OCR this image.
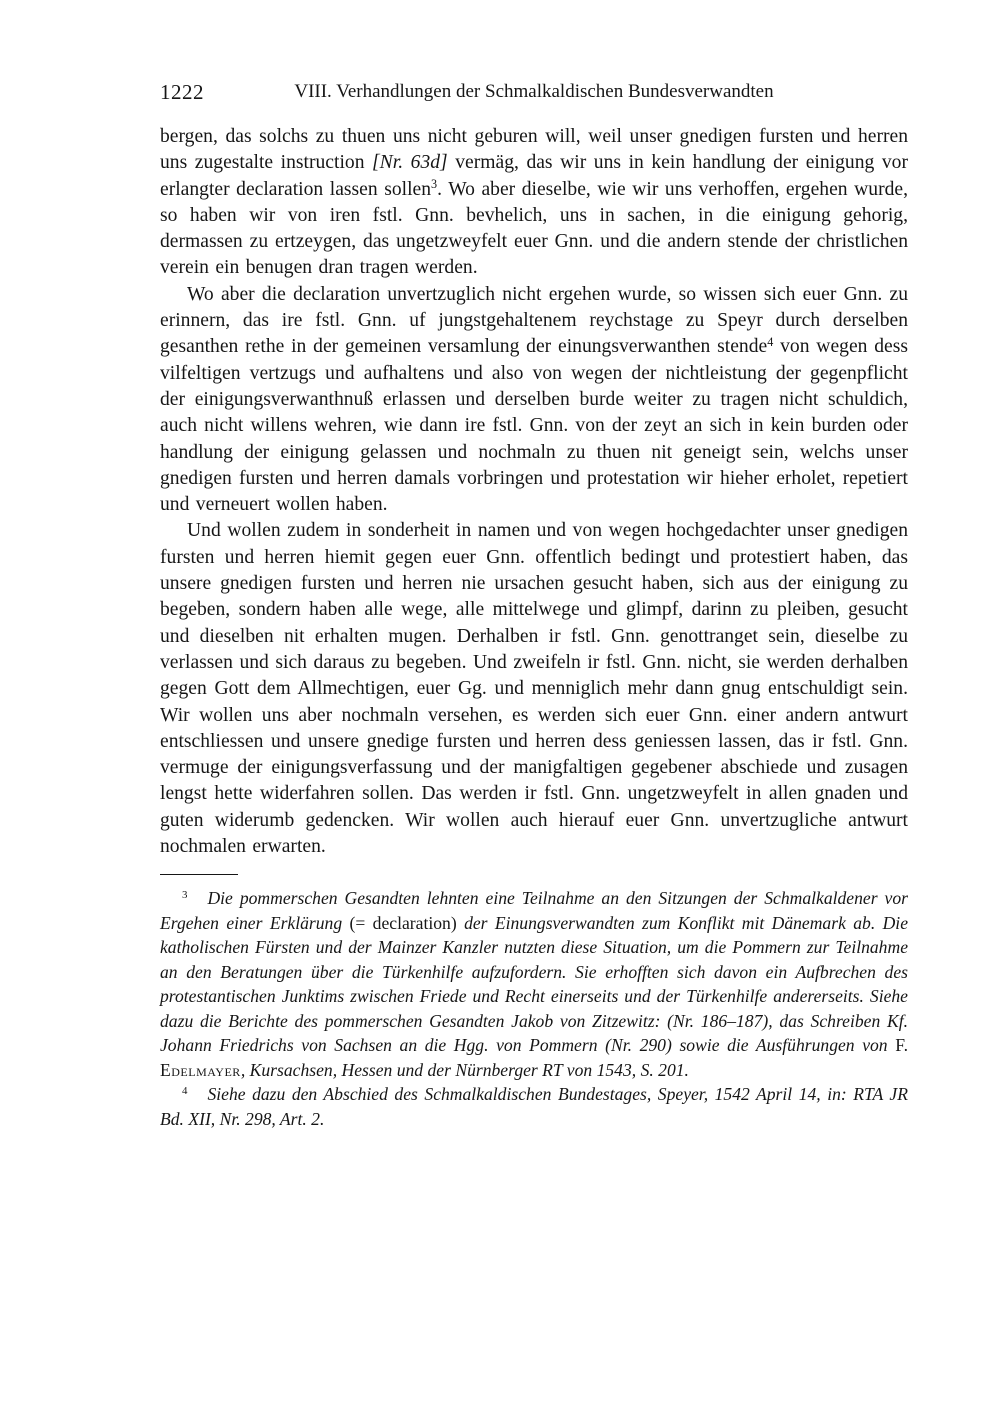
1222	VIII. Verhandlungen der Schmalkaldischen Bundesverwandten

bergen, das solchs zu thuen uns nicht geburen will, weil unser gnedigen fursten und herren uns zugestalte instruction [Nr. 63d] vermäg, das wir uns in kein handlung der einigung vor erlangter declaration lassen sollen$^3$. Wo aber dieselbe, wie wir uns verhoffen, ergehen wurde, so haben wir von iren fstl. Gnn. bevhelich, uns in sachen, in die einigung gehorig, dermassen zu ertzeygen, das ungetzweyfelt euer Gnn. und die andern stende der christlichen verein ein benugen dran tragen werden.

Wo aber die declaration unvertzuglich nicht ergehen wurde, so wissen sich euer Gnn. zu erinnern, das ire fstl. Gnn. uf jungstgehaltenem reychstage zu Speyr durch derselben gesanthen rethe in der gemeinen versamlung der einungsverwanthen stende$^4$ von wegen dess vilfeltigen vertzugs und aufhaltens und also von wegen der nichtleistung der gegenpflicht der einigungsverwanthnuß erlassen und derselben burde weiter zu tragen nicht schuldich, auch nicht willens wehren, wie dann ire fstl. Gnn. von der zeyt an sich in kein burden oder handlung der einigung gelassen und nochmaln zu thuen nit geneigt sein, welchs unser gnedigen fursten und herren damals vorbringen und protestation wir hieher erholet, repetiert und verneuert wollen haben.

Und wollen zudem in sonderheit in namen und von wegen hochgedachter unser gnedigen fursten und herren hiemit gegen euer Gnn. offentlich bedingt und protestiert haben, das unsere gnedigen fursten und herren nie ursachen gesucht haben, sich aus der einigung zu begeben, sondern haben alle wege, alle mittelwege und glimpf, darinn zu pleiben, gesucht und dieselben nit erhalten mugen. Derhalben ir fstl. Gnn. genottranget sein, dieselbe zu verlassen und sich daraus zu begeben. Und zweifeln ir fstl. Gnn. nicht, sie werden derhalben gegen Gott dem Allmechtigen, euer Gg. und menniglich mehr dann gnug entschuldigt sein. Wir wollen uns aber nochmaln versehen, es werden sich euer Gnn. einer andern antwurt entschliessen und unsere gnedige fursten und herren dess geniessen lassen, das ir fstl. Gnn. vermuge der einigungsverfassung und der manigfaltigen gegebener abschiede und zusagen lengst hette widerfahren sollen. Das werden ir fstl. Gnn. ungetzweyfelt in allen gnaden und guten widerumb gedencken. Wir wollen auch hierauf euer Gnn. unvertzugliche antwurt nochmalen erwarten.

$^3$ Die pommerschen Gesandten lehnten eine Teilnahme an den Sitzungen der Schmalkaldener vor Ergehen einer Erklärung (= declaration) der Einungsverwandten zum Konflikt mit Dänemark ab. Die katholischen Fürsten und der Mainzer Kanzler nutzten diese Situation, um die Pommern zur Teilnahme an den Beratungen über die Türkenhilfe aufzufordern. Sie erhofften sich davon ein Aufbrechen des protestantischen Junktims zwischen Friede und Recht einerseits und der Türkenhilfe andererseits. Siehe dazu die Berichte des pommerschen Gesandten Jakob von Zitzewitz: (Nr. 186–187), das Schreiben Kf. Johann Friedrichs von Sachsen an die Hgg. von Pommern (Nr. 290) sowie die Ausführungen von F. Edelmayer, Kursachsen, Hessen und der Nürnberger RT von 1543, S. 201.

$^4$ Siehe dazu den Abschied des Schmalkaldischen Bundestages, Speyer, 1542 April 14, in: RTA JR Bd. XII, Nr. 298, Art. 2.
